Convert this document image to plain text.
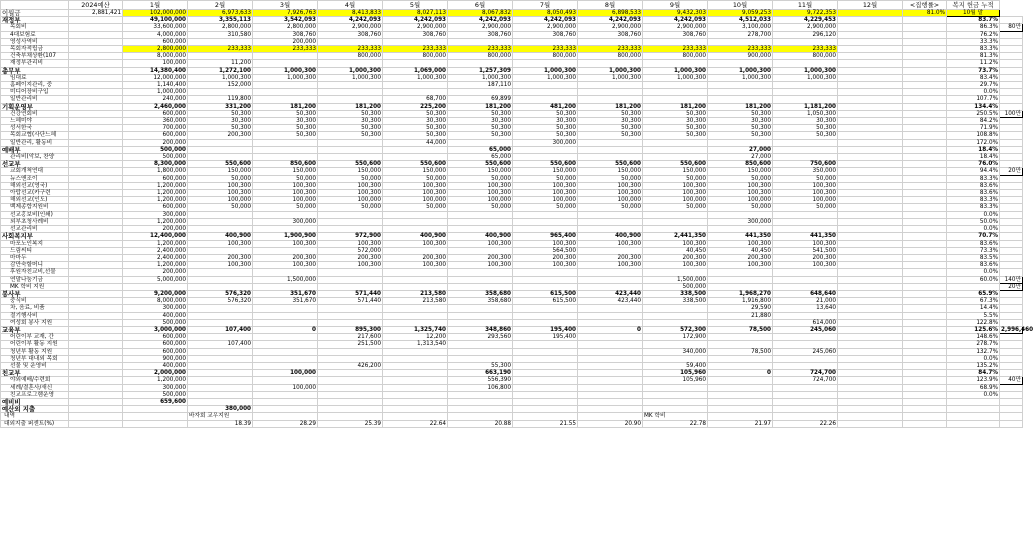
	2024예산	1월	2월	3월	4월	5월	6월	7월	8월	9월	10월	11월	12월	<집행률>	복지 헌금 누적	
이월금	2,881,421	102,000,000	6,973,633	7,926,763	8,413,833	8,027,113	8,067,832	8,050,493	6,898,533	9,432,303	9,059,253	9,722,353		81.0%	10월 말	
재정부		49,100,000	3,355,113	3,542,093	4,242,093	4,242,093	4,242,093	4,242,093	4,242,093	4,242,093	4,512,033	4,229,453			83.7%	
목회비		33,600,000	2,800,000	2,800,000	2,900,000	2,900,000	2,900,000	2,900,000	2,900,000	2,900,000	3,100,000	2,900,000			86.3%	80만
4대보험료		4,000,000	310,580	308,760	308,760	308,760	308,760	308,760	308,760	308,760	278,700	296,120			76.2%	
영성사역비		600,000		200,000											33.3%	
목회자적립금		2,800,000	233,333	233,333	233,333	233,333	233,333	233,333	233,333	233,333	233,333	233,333			83.3%	
건축부채상환(107		8,000,000			800,000	800,000	800,000	800,000	800,000	800,000	900,000	800,000			81.3%	
재정부관리비		100,000	11,200												11.2%	
총무부		14,380,400	1,272,100	1,000,300	1,000,300	1,069,000	1,257,309	1,000,300	1,000,300	1,000,300	1,000,300	1,000,300			73.7%	
임대료		12,000,000	1,000,300	1,000,300	1,000,300	1,000,300	1,000,300	1,000,300	1,000,300	1,000,300	1,000,300	1,000,300			83.4%	
홈페이지관리, 중		1,140,400	152,000				187,110								29.7%	
미디어장비구입		1,000,000													0.0%	
일반관리비		240,000	119,800			68,700	69,899								107.7%	
기획운영부		2,460,000	331,200	181,200	181,200	225,200	181,200	481,200	181,200	181,200	181,200	1,181,200			134.4%	
건강연회비		600,000	50,300	50,300	50,300	50,300	50,300	50,300	50,300	50,300	50,300	1,050,300			250.5%	100만
느헤미야		360,000	30,300	30,300	30,300	30,300	30,300	30,300	30,300	30,300	30,300	30,300			84.2%	
성서한국		700,000	50,300	50,300	50,300	50,300	50,300	50,300	50,300	50,300	50,300	50,300			71.9%	
목회교협(사단느헤		600,000	200,300	50,300	50,300	50,300	50,300	50,300	50,300	50,300	50,300	50,300			108.8%	
일반관리, 활동비		200,000				44,000		300,000							172.0%	
예배부		500,000					65,000				27,000				18.4%	
관리비(악보, 찬양		500,000					65,000				27,000				18.4%	
선교부		8,300,000	550,600	850,600	550,600	550,600	550,600	550,600	550,600	550,600	850,600	750,600			76.0%	
교회개척연대		1,800,000	150,000	150,000	150,000	150,000	150,000	150,000	150,000	150,000	150,000	350,000			94.4%	20만
뉴스앤조이		600,000	50,000	50,000	50,000	50,000	50,000	50,000	50,000	50,000	50,000	50,000			83.3%	
해외선교(영국)		1,200,000	100,300	100,300	100,300	100,300	100,300	100,300	100,300	100,300	100,300	100,300			83.6%	
아랍선교(카구련		1,200,000	100,300	100,300	100,300	100,300	100,300	100,300	100,300	100,300	100,300	100,300			83.6%	
해외선교(인도)		1,200,000	100,000	100,000	100,000	100,000	100,000	100,000	100,000	100,000	100,000	100,000			83.3%	
백제종합지원비		600,000	50,000	50,000	50,000	50,000	50,000	50,000	50,000	50,000	50,000	50,000			83.3%	
선교홍보비(인쇄)		300,000													0.0%	
외부초청사례비		1,200,000		300,000							300,000				50.0%	
선교관리비		200,000													0.0%	
사회복지부		12,400,000	400,900	1,900,900	972,900	400,900	400,900	965,400	400,900	2,441,350	441,350	441,350			70.7%	
마포노인복지		1,200,000	100,300	100,300	100,300	100,300	100,300	100,300	100,300	100,300	100,300	100,300			83.6%	
드림씨티		2,400,000			572,000			564,500		40,450	40,450	541,500			73.3%	
마마두		2,400,000	200,300	200,300	200,300	200,300	200,300	200,300	200,300	200,300	200,300	200,300			83.5%	
감만숙할머니		1,200,000	100,300	100,300	100,300	100,300	100,300	100,300	100,300	100,300	100,300	100,300			83.6%	
후원자친교비,선물		200,000													0.0%	
연말나눔기금		5,000,000		1,500,000						1,500,000					60.0%	140만
MK 학비 지원										500,000						20만
봉사부		9,200,000	576,320	351,670	571,440	213,580	358,680	615,500	423,440	338,500	1,968,270	648,640			65.9%	
중식비		8,000,000	576,320	351,670	571,440	213,580	358,680	615,500	423,440	338,500	1,916,800	21,000			67.3%	
차, 음료, 비품		300,000									29,590	13,640			14.4%	
절기행사비		400,000									21,880				5.5%	
여성회 봉사 지원		500,000										614,000			122.8%	
교육부		3,000,000	107,400	0	895,300	1,325,740	348,860	195,400	0	572,300	78,500	245,060			125.6%	2,996,460
어린이부 교재, 간		600,000			217,600	12,200	293,560	195,400		172,900					148.6%	
어린이부 활동 지원		600,000	107,400		251,500	1,313,540									278.7%	
청년부 활동 지원		600,000								340,000	78,500	245,060			132.7%	
청년부 대내외 목회		900,000													0.0%	
선물 및 운영비		400,000			426,200		55,300			59,400					135.2%	
친교부		2,000,000		100,000			663,190			105,960	0	724,700			84.7%	
야외예배/수련회		1,200,000					556,390			105,960		724,700			123.9%	40만
세례/결혼사/새신		300,000		100,000			106,800								68.9%	
친교프로그램운영		500,000													0.0%	
예비비		659,600														
예산외 지출			380,000													
내역			바자회 교우지원							MK 학비						
대외지출 퍼센트(%)			18.39	28.29	25.39	22.64	20.88	21.55	20.90	22.78	21.97	22.26				
